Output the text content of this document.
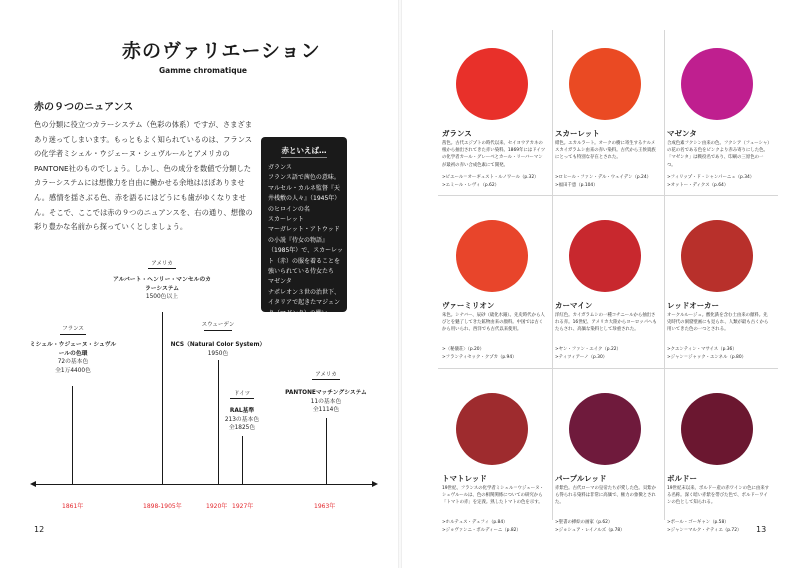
赤のヴァリエーション
Gamme chromatique
赤の９つのニュアンス

色の分類に役立つカラーシステム（色彩の体系）ですが、さまざまあり迷ってしまいます。もっともよく知られているのは、フランスの化学者ミシェル・ウジェーヌ・シュヴルールとアメリカのPANTONE社のものでしょう。しかし、色の成分を数値で分類したカラーシステムには想像力を自由に働かせる余地はほぼありません。感情を揺さぶる色、赤を語るにはどうにも歯がゆくなりません。そこで、ここでは赤の９つのニュアンスを、右の通り、想像の彩り豊かな名前から探っていくとしましょう。

赤といえば…

ガランス
フランス語で茜色の意味。マルセル・カルネ監督『天井桟敷の人々』（1945年）のヒロインの名
スカーレット
マーガレット・アトウッドの小説『侍女の物語』（1985年）で、スカーレット（赤）の服を着ることを強いられている侍女たち
マゼンタ
ナポレオン３世の治世下、イタリアで起きたマジェンタ（マゼンタ）の戦い（1859年）

フランス
ミシェル・ウジェーヌ・シュヴルールの色環
72の基本色
全1万4400色
1861年
アメリカ
アルバート・ヘンリー・マンセルのカラーシステム
1500色以上
1898-1905年
スウェーデン
NCS（Natural Color System）
1950色
1920年
ドイツ
RAL基準
213の基本色
全1825色
1927年
アメリカ
PANTONEマッチングシステム
11の基本色
全1114色
1963年
12
ガランス

茜色。古代エジプトの時代以来、セイヨウアカネの根から抽出されてきた赤い染料。1869年にはドイツの化学者カール・グレーベとカール・リーバーマンが最初の赤い合成色素にて開発。

>ピエール＝オーギュスト・ルノワール（p.32）
>エミール・レヴィ（p.62）
スカーレット

緋色。エカルラート。オークの樹に寄生するケルメスカイガラムシ由来の赤い染料。古代から王侯貴族にとっても特別な存在とされた。

>ロヒール・ファン・デル・ウェイデン（p.24）
>福田千恵（p.104）
マゼンタ

合成色素フクシン由来の色。フクシア（フューシャ）の花の名である色をピンクより赤み寄りにした色。「マゼンタ」は戦役名であり、印刷の三原色の一つ。

>フィリップ・ド・シャンパーニュ（p.34）
>オットー・ディクス（p.64）
ヴァーミリオン

朱色。シナバー、辰砂（硫化水銀）。先史時代から人びとを魅了してきた鉱物由来の顔料。中国では古くから用いられ、西洋でも古代以来使用。

>〈秘儀荘〉（p.20）
>フランティセック・クプカ（p.94）
カーマイン

洋紅色。カイガラムシの一種コチニールから抽出される赤。16世紀、アメリカ大陸からヨーロッパへもたらされ、高価な染料として珍重された。

>ヤン・ファン・エイク（p.22）
>ティツィアーノ（p.30）
レッドオーカー

オークルルージュ。酸化鉄を含む土由来の顔料。先史時代の洞窟壁画にも見られ、人類が最も古くから用いてきた色の一つとされる。

>クエンティン・マサイス（p.36）
>ジャン＝ジャック・エンネル（p.80）
トマトレッド

19世紀、フランスの化学者ミシェル＝ウジェーヌ・シュヴルールは、色の相関関係についての研究から「トマトの赤」を定義。熟したトマトの色を示す。

>ホルテュス・デュフィ（p.84）
>ジョヴァンニ・ボルディーニ（p.82）
パープルレッド

赤紫色。古代ローマの皇帝たちが愛した色。貝紫から得られる染料は非常に高価で、権力の象徴とされた。

>聖書の挿絵の画家（p.62）
>ジョシュア・レイノルズ（p.78）
ボルドー

19世紀末以来、ボルドー産の赤ワインの色に由来する名称。深く暗い赤紫を帯びた色で、ボルドーワインの色として知られる。

>ポール・ゴーギャン（p.58）
>ジャン＝マルク・ナティエ（p.72）	13
